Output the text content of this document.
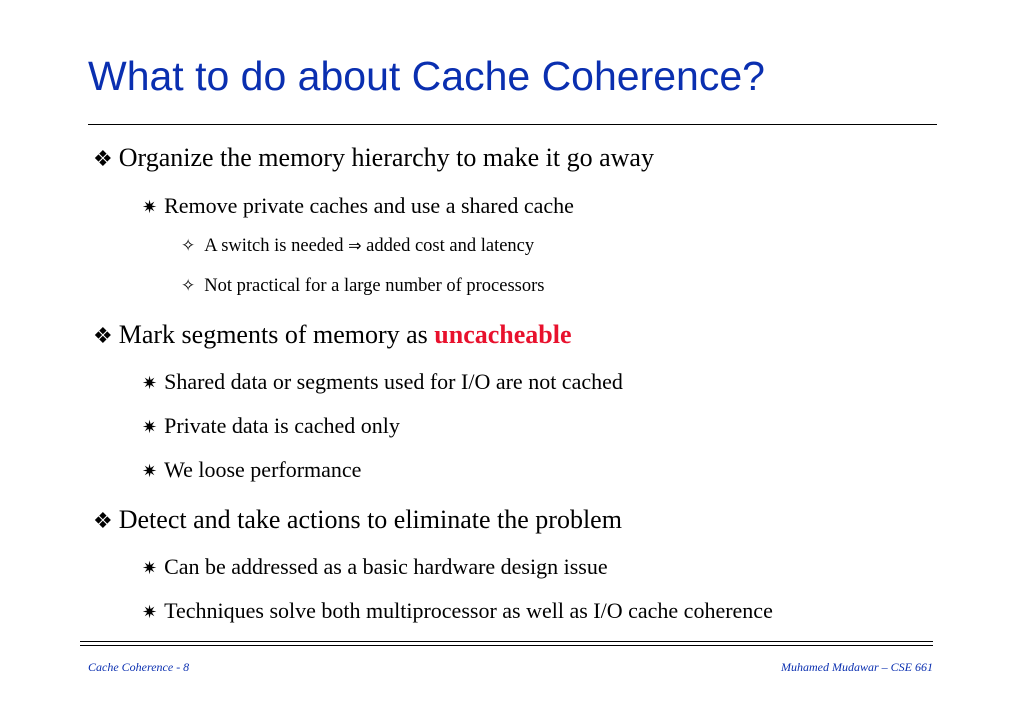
What to do about Cache Coherence?
❖ Organize the memory hierarchy to make it go away
✷ Remove private caches and use a shared cache
✧ A switch is needed ⇒ added cost and latency
✧ Not practical for a large number of processors
❖ Mark segments of memory as uncacheable
✷ Shared data or segments used for I/O are not cached
✷ Private data is cached only
✷ We loose performance
❖ Detect and take actions to eliminate the problem
✷ Can be addressed as a basic hardware design issue
✷ Techniques solve both multiprocessor as well as I/O cache coherence
Cache Coherence - 8	Muhamed Mudawar – CSE 661
